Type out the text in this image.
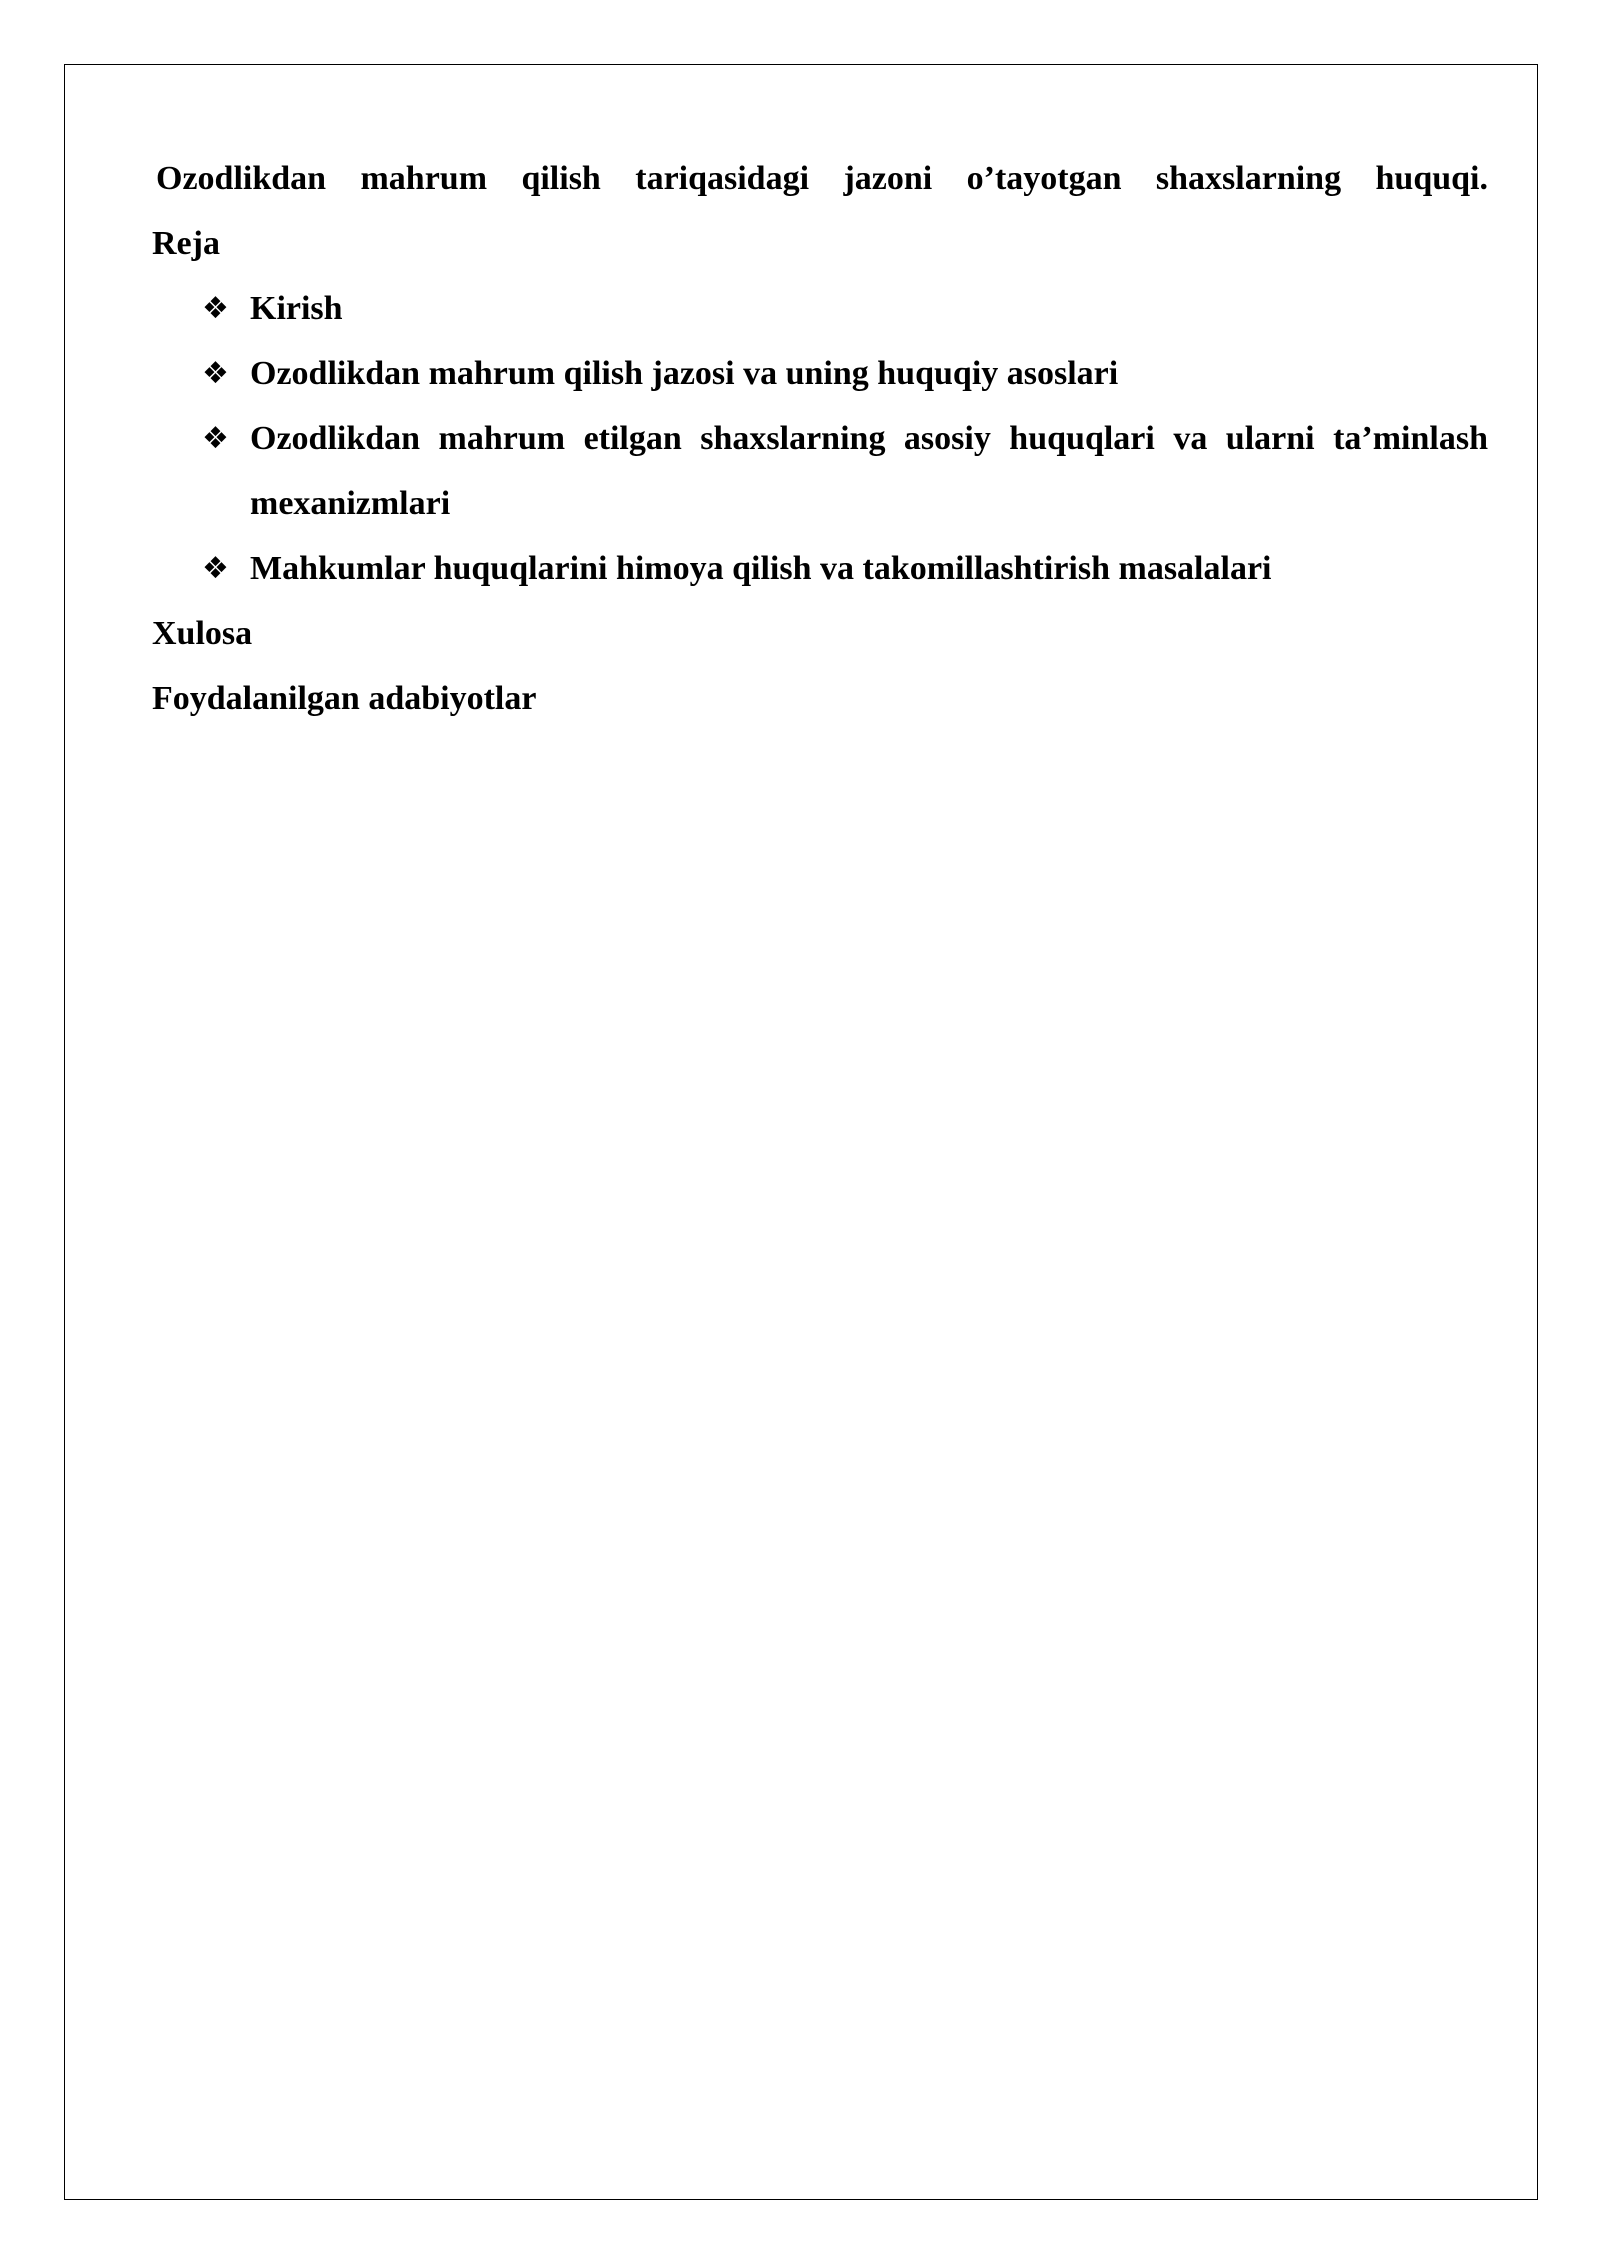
Ozodlikdan mahrum qilish tariqasidagi jazoni o’tayotgan shaxslarning huquqi.
Reja
❖ Kirish
❖ Ozodlikdan mahrum qilish jazosi va uning huquqiy asoslari
❖ Ozodlikdan mahrum etilgan shaxslarning asosiy huquqlari va ularni ta’minlash mexanizmlari
❖ Mahkumlar huquqlarini himoya qilish va takomillashtirish masalalari
Xulosa
Foydalanilgan adabiyotlar
